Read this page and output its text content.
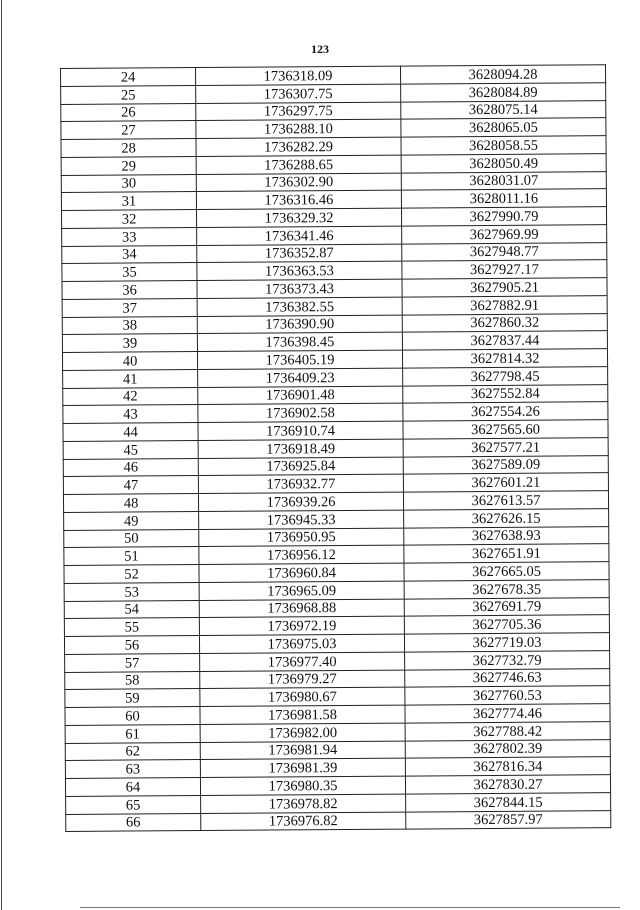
123
24	1736318.09	3628094.28
25	1736307.75	3628084.89
26	1736297.75	3628075.14
27	1736288.10	3628065.05
28	1736282.29	3628058.55
29	1736288.65	3628050.49
30	1736302.90	3628031.07
31	1736316.46	3628011.16
32	1736329.32	3627990.79
33	1736341.46	3627969.99
34	1736352.87	3627948.77
35	1736363.53	3627927.17
36	1736373.43	3627905.21
37	1736382.55	3627882.91
38	1736390.90	3627860.32
39	1736398.45	3627837.44
40	1736405.19	3627814.32
41	1736409.23	3627798.45
42	1736901.48	3627552.84
43	1736902.58	3627554.26
44	1736910.74	3627565.60
45	1736918.49	3627577.21
46	1736925.84	3627589.09
47	1736932.77	3627601.21
48	1736939.26	3627613.57
49	1736945.33	3627626.15
50	1736950.95	3627638.93
51	1736956.12	3627651.91
52	1736960.84	3627665.05
53	1736965.09	3627678.35
54	1736968.88	3627691.79
55	1736972.19	3627705.36
56	1736975.03	3627719.03
57	1736977.40	3627732.79
58	1736979.27	3627746.63
59	1736980.67	3627760.53
60	1736981.58	3627774.46
61	1736982.00	3627788.42
62	1736981.94	3627802.39
63	1736981.39	3627816.34
64	1736980.35	3627830.27
65	1736978.82	3627844.15
66	1736976.82	3627857.97
